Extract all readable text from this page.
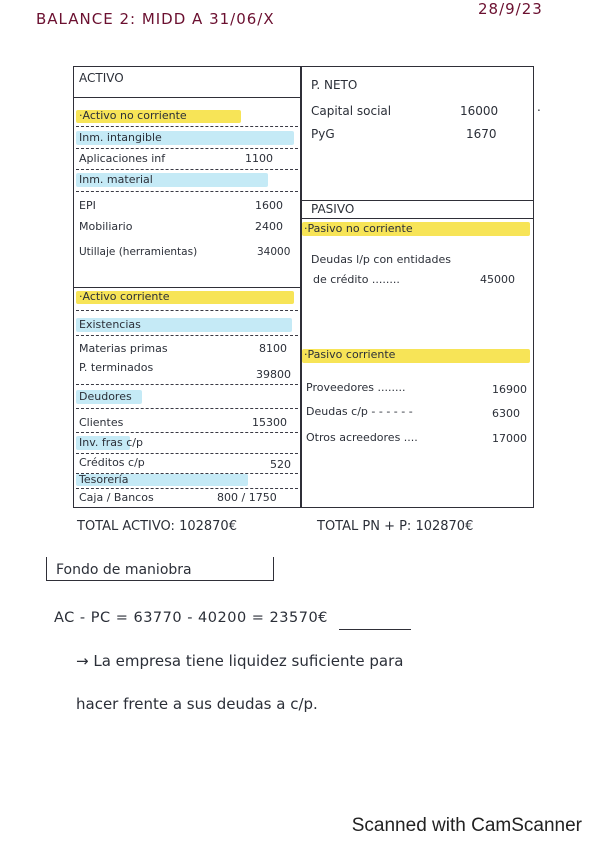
BALANCE 2: MIDD A 31/06/X
28/9/23
ACTIVO
·Activo no corriente
Inm. intangible
Aplicaciones inf	1100
Inm. material
EPI	1600
Mobiliario	2400
Utillaje (herramientas)	34000
·Activo corriente
Existencias
Materias primas	8100
P. terminados
39800
Deudores
Clientes	15300
Inv. fras c/p
Créditos c/p	520
Tesorería
Caja / Bancos	800 / 1750
P. NETO
Capital social	16000
PyG	1670
.
PASIVO
·Pasivo no corriente
Deudas l/p con entidades
de crédito ........	45000
·Pasivo corriente
Proveedores ........	16900
Deudas c/p - - - - - -	6300
Otros acreedores ....	17000
TOTAL ACTIVO: 102870€	TOTAL PN + P: 102870€
Fondo de maniobra
AC - PC = 63770 - 40200 = 23570€
→ La empresa tiene liquidez suficiente para
hacer frente a sus deudas a c/p.
Scanned with CamScanner
